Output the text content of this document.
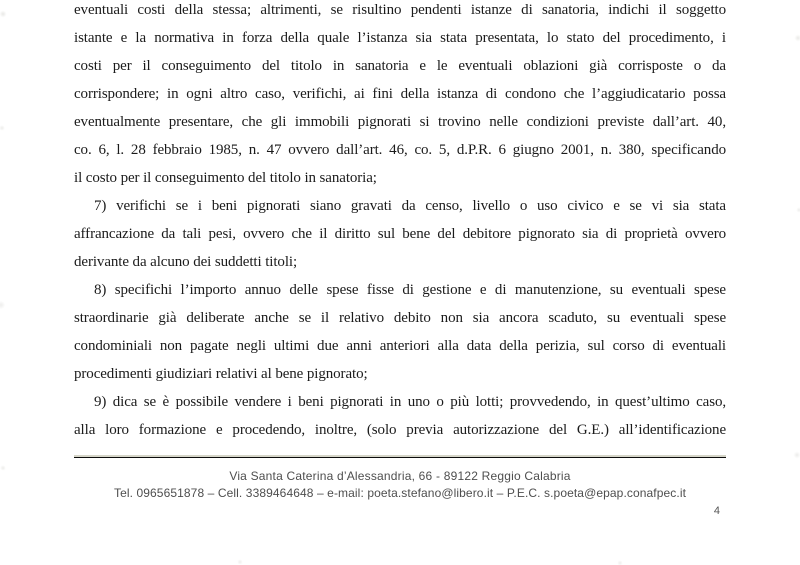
eventuali costi della stessa; altrimenti, se risultino pendenti istanze di sanatoria, indichi il soggetto
istante e la normativa in forza della quale l’istanza sia stata presentata, lo stato del procedimento, i
costi per il conseguimento del titolo in sanatoria e le eventuali oblazioni già corrisposte o da
corrispondere; in ogni altro caso, verifichi, ai fini della istanza di condono che l’aggiudicatario possa
eventualmente presentare, che gli immobili pignorati si trovino nelle condizioni previste dall’art. 40,
co. 6, l. 28 febbraio 1985, n. 47 ovvero dall’art. 46, co. 5, d.P.R. 6 giugno 2001, n. 380, specificando
il costo per il conseguimento del titolo in sanatoria;
7) verifichi se i beni pignorati siano gravati da censo, livello o uso civico e se vi sia stata
affrancazione da tali pesi, ovvero che il diritto sul bene del debitore pignorato sia di proprietà ovvero
derivante da alcuno dei suddetti titoli;
8) specifichi l’importo annuo delle spese fisse di gestione e di manutenzione, su eventuali spese
straordinarie già deliberate anche se il relativo debito non sia ancora scaduto, su eventuali spese
condominiali non pagate negli ultimi due anni anteriori alla data della perizia, sul corso di eventuali
procedimenti giudiziari relativi al bene pignorato;
9) dica se è possibile vendere i beni pignorati in uno o più lotti; provvedendo, in quest’ultimo caso,
alla loro formazione e procedendo, inoltre, (solo previa autorizzazione del G.E.) all’identificazione
Via Santa Caterina d’Alessandria, 66 - 89122 Reggio Calabria
Tel. 0965651878 – Cell. 3389464648 – e-mail: poeta.stefano@libero.it – P.E.C. s.poeta@epap.conafpec.it
4
